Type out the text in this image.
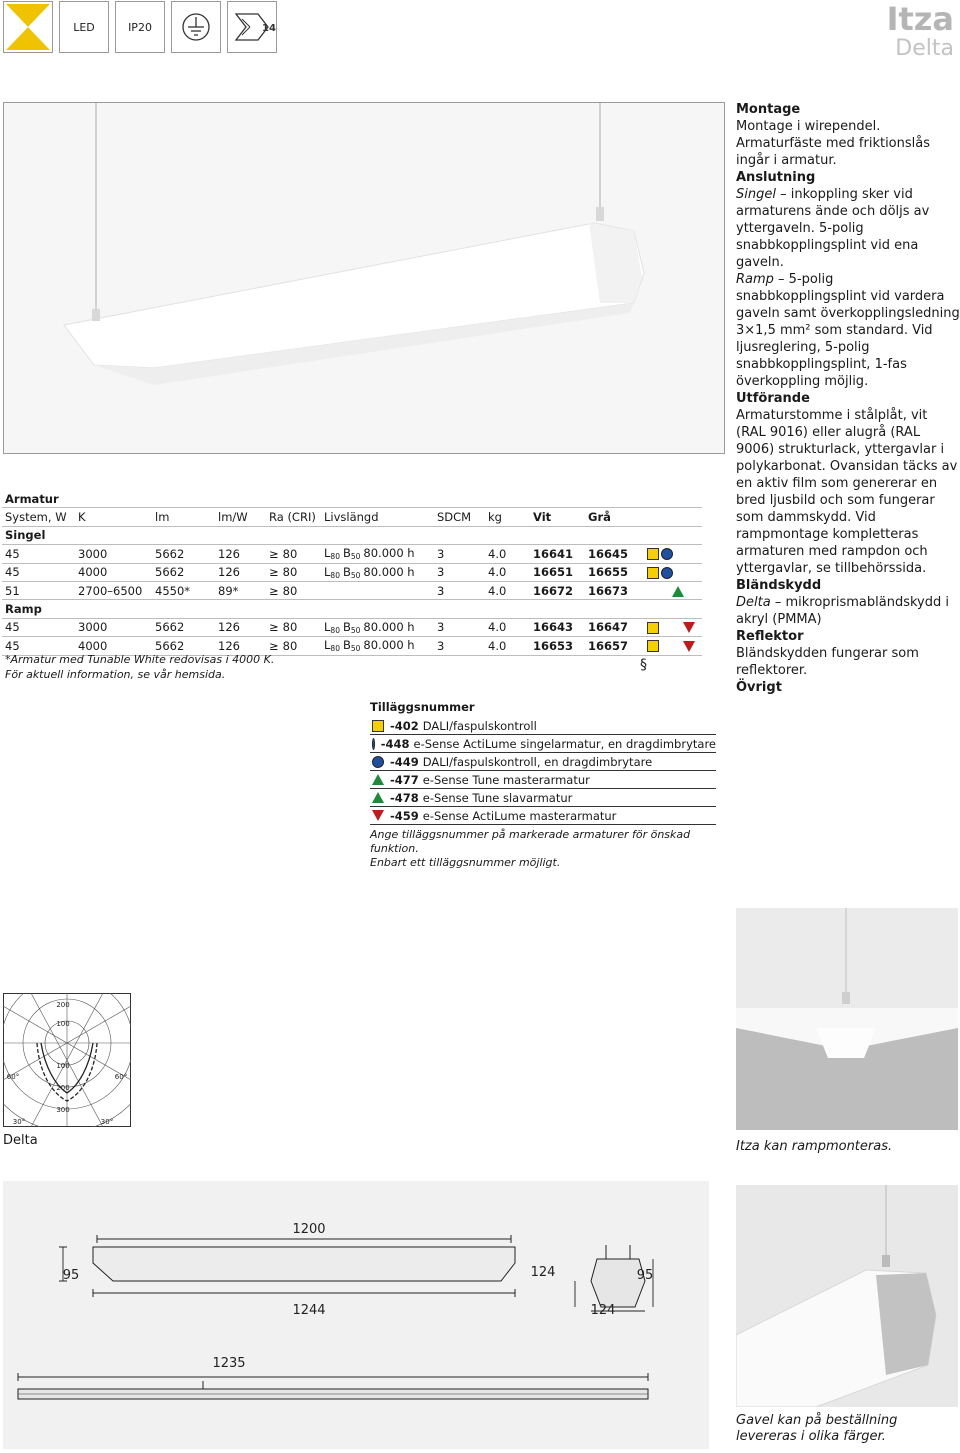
LED	IP20	14	Itza
Delta
Armatur										
System, W	K	lm	lm/W	Ra (CRI)	Livslängd	SDCM	kg	Vit	Grå	
Singel										
45	3000	5662	126	≥ 80	$L_{80}$ $B_{50}$ 80.000 h	3	4.0	16641	16645	
45	4000	5662	126	≥ 80	$L_{80}$ $B_{50}$ 80.000 h	3	4.0	16651	16655	
51	2700–6500	4550*	89*	≥ 80		3	4.0	16672	16673	
Ramp										
45	3000	5662	126	≥ 80	$L_{80}$ $B_{50}$ 80.000 h	3	4.0	16643	16647	
45	4000	5662	126	≥ 80	$L_{80}$ $B_{50}$ 80.000 h	3	4.0	16653	16657	
*Armatur med Tunable White redovisas i 4000 K.
För aktuell information, se vår hemsida.
§
Montage
Montage i wirependel. Armaturfäste med friktionslås ingår i armatur.
Anslutning
Singel – inkoppling sker vid armaturens ände och döljs av yttergaveln. 5-polig snabbkopplingsplint vid ena gaveln.
Ramp – 5-polig snabbkopplingsplint vid vardera gaveln samt överkopplingsledning 3×1,5 mm² som standard. Vid ljusreglering, 5-polig snabbkopplingsplint, 1-fas överkoppling möjlig.
Utförande
Armaturstomme i stålplåt, vit (RAL 9016) eller alugrå (RAL 9006) strukturlack, yttergavlar i polykarbonat. Ovansidan täcks av en aktiv film som genererar en bred ljusbild och som fungerar som dammskydd. Vid rampmontage kompletteras armaturen med rampdon och yttergavlar, se tillbehörssida.
Bländskydd
Delta – mikroprismabländskydd i akryl (PMMA)
Reflektor
Bländskydden fungerar som reflektorer.
Övrigt
Tilläggsnummer
-402 DALI/faspulskontroll
-448 e-Sense ActiLume singelarmatur, en dragdimbrytare
-449 DALI/faspulskontroll, en dragdimbrytare
-477 e-Sense Tune masterarmatur
-478 e-Sense Tune slavarmatur
-459 e-Sense ActiLume masterarmatur
Ange tilläggsnummer på markerade armaturer för önskad funktion.
Enbart ett tilläggsnummer möjligt.
200
100
100
200
300
60°	60°
30°	30°
Delta	Itza kan rampmonteras.
1200
95
1244
124	95
124
1235
Gavel kan på beställning levereras i olika färger.
